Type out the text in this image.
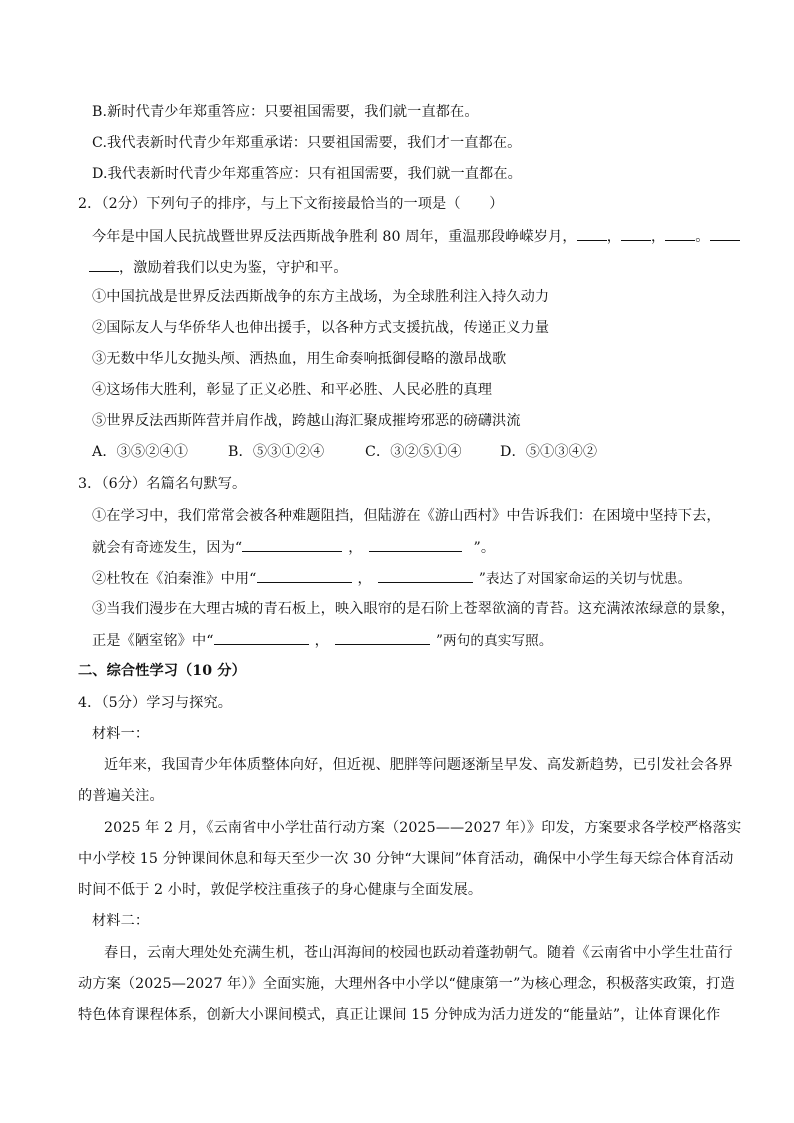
B.新时代青少年郑重答应：只要祖国需要，我们就一直都在。
C.我代表新时代青少年郑重承诺：只要祖国需要，我们才一直都在。
D.我代表新时代青少年郑重答应：只有祖国需要，我们就一直都在。
2．（2分）下列句子的排序，与上下文衔接最恰当的一项是（　　）
今年是中国人民抗战暨世界反法西斯战争胜利 80 周年，重温那段峥嵘岁月， ， ， 。
，激励着我们以史为鉴，守护和平。
①中国抗战是世界反法西斯战争的东方主战场，为全球胜利注入持久动力
②国际友人与华侨华人也伸出援手，以各种方式支援抗战，传递正义力量
③无数中华儿女抛头颅、洒热血，用生命奏响抵御侵略的激昂战歌
④这场伟大胜利，彰显了正义必胜、和平必胜、人民必胜的真理
⑤世界反法西斯阵营并肩作战，跨越山海汇聚成摧垮邪恶的磅礴洪流
A．③⑤②④①	B．⑤③①②④	C．③②⑤①④	D．⑤①③④②
3．（6分）名篇名句默写。
①在学习中，我们常常会被各种难题阻挡，但陆游在《游山西村》中告诉我们：在困境中坚持下去，
就会有奇迹发生，因为“	，	”。
②杜牧在《泊秦淮》中用“	，	”表达了对国家命运的关切与忧患。
③当我们漫步在大理古城的青石板上，映入眼帘的是石阶上苍翠欲滴的青苔。这充满浓浓绿意的景象，
正是《陋室铭》中“	，	”两句的真实写照。
二、综合性学习（10 分）
4．（5分）学习与探究。
材料一：
近年来，我国青少年体质整体向好，但近视、肥胖等问题逐渐呈早发、高发新趋势，已引发社会各界
的普遍关注。
2025 年 2 月，《云南省中小学壮苗行动方案（2025——2027 年）》印发，方案要求各学校严格落实
中小学校 15 分钟课间休息和每天至少一次 30 分钟“大课间”体育活动，确保中小学生每天综合体育活动
时间不低于 2 小时，敦促学校注重孩子的身心健康与全面发展。
材料二：
春日，云南大理处处充满生机，苍山洱海间的校园也跃动着蓬勃朝气。随着《云南省中小学生壮苗行
动方案（2025—2027 年）》全面实施，大理州各中小学以“健康第一”为核心理念，积极落实政策，打造
特色体育课程体系，创新大小课间模式，真正让课间 15 分钟成为活力迸发的“能量站”，让体育课化作
